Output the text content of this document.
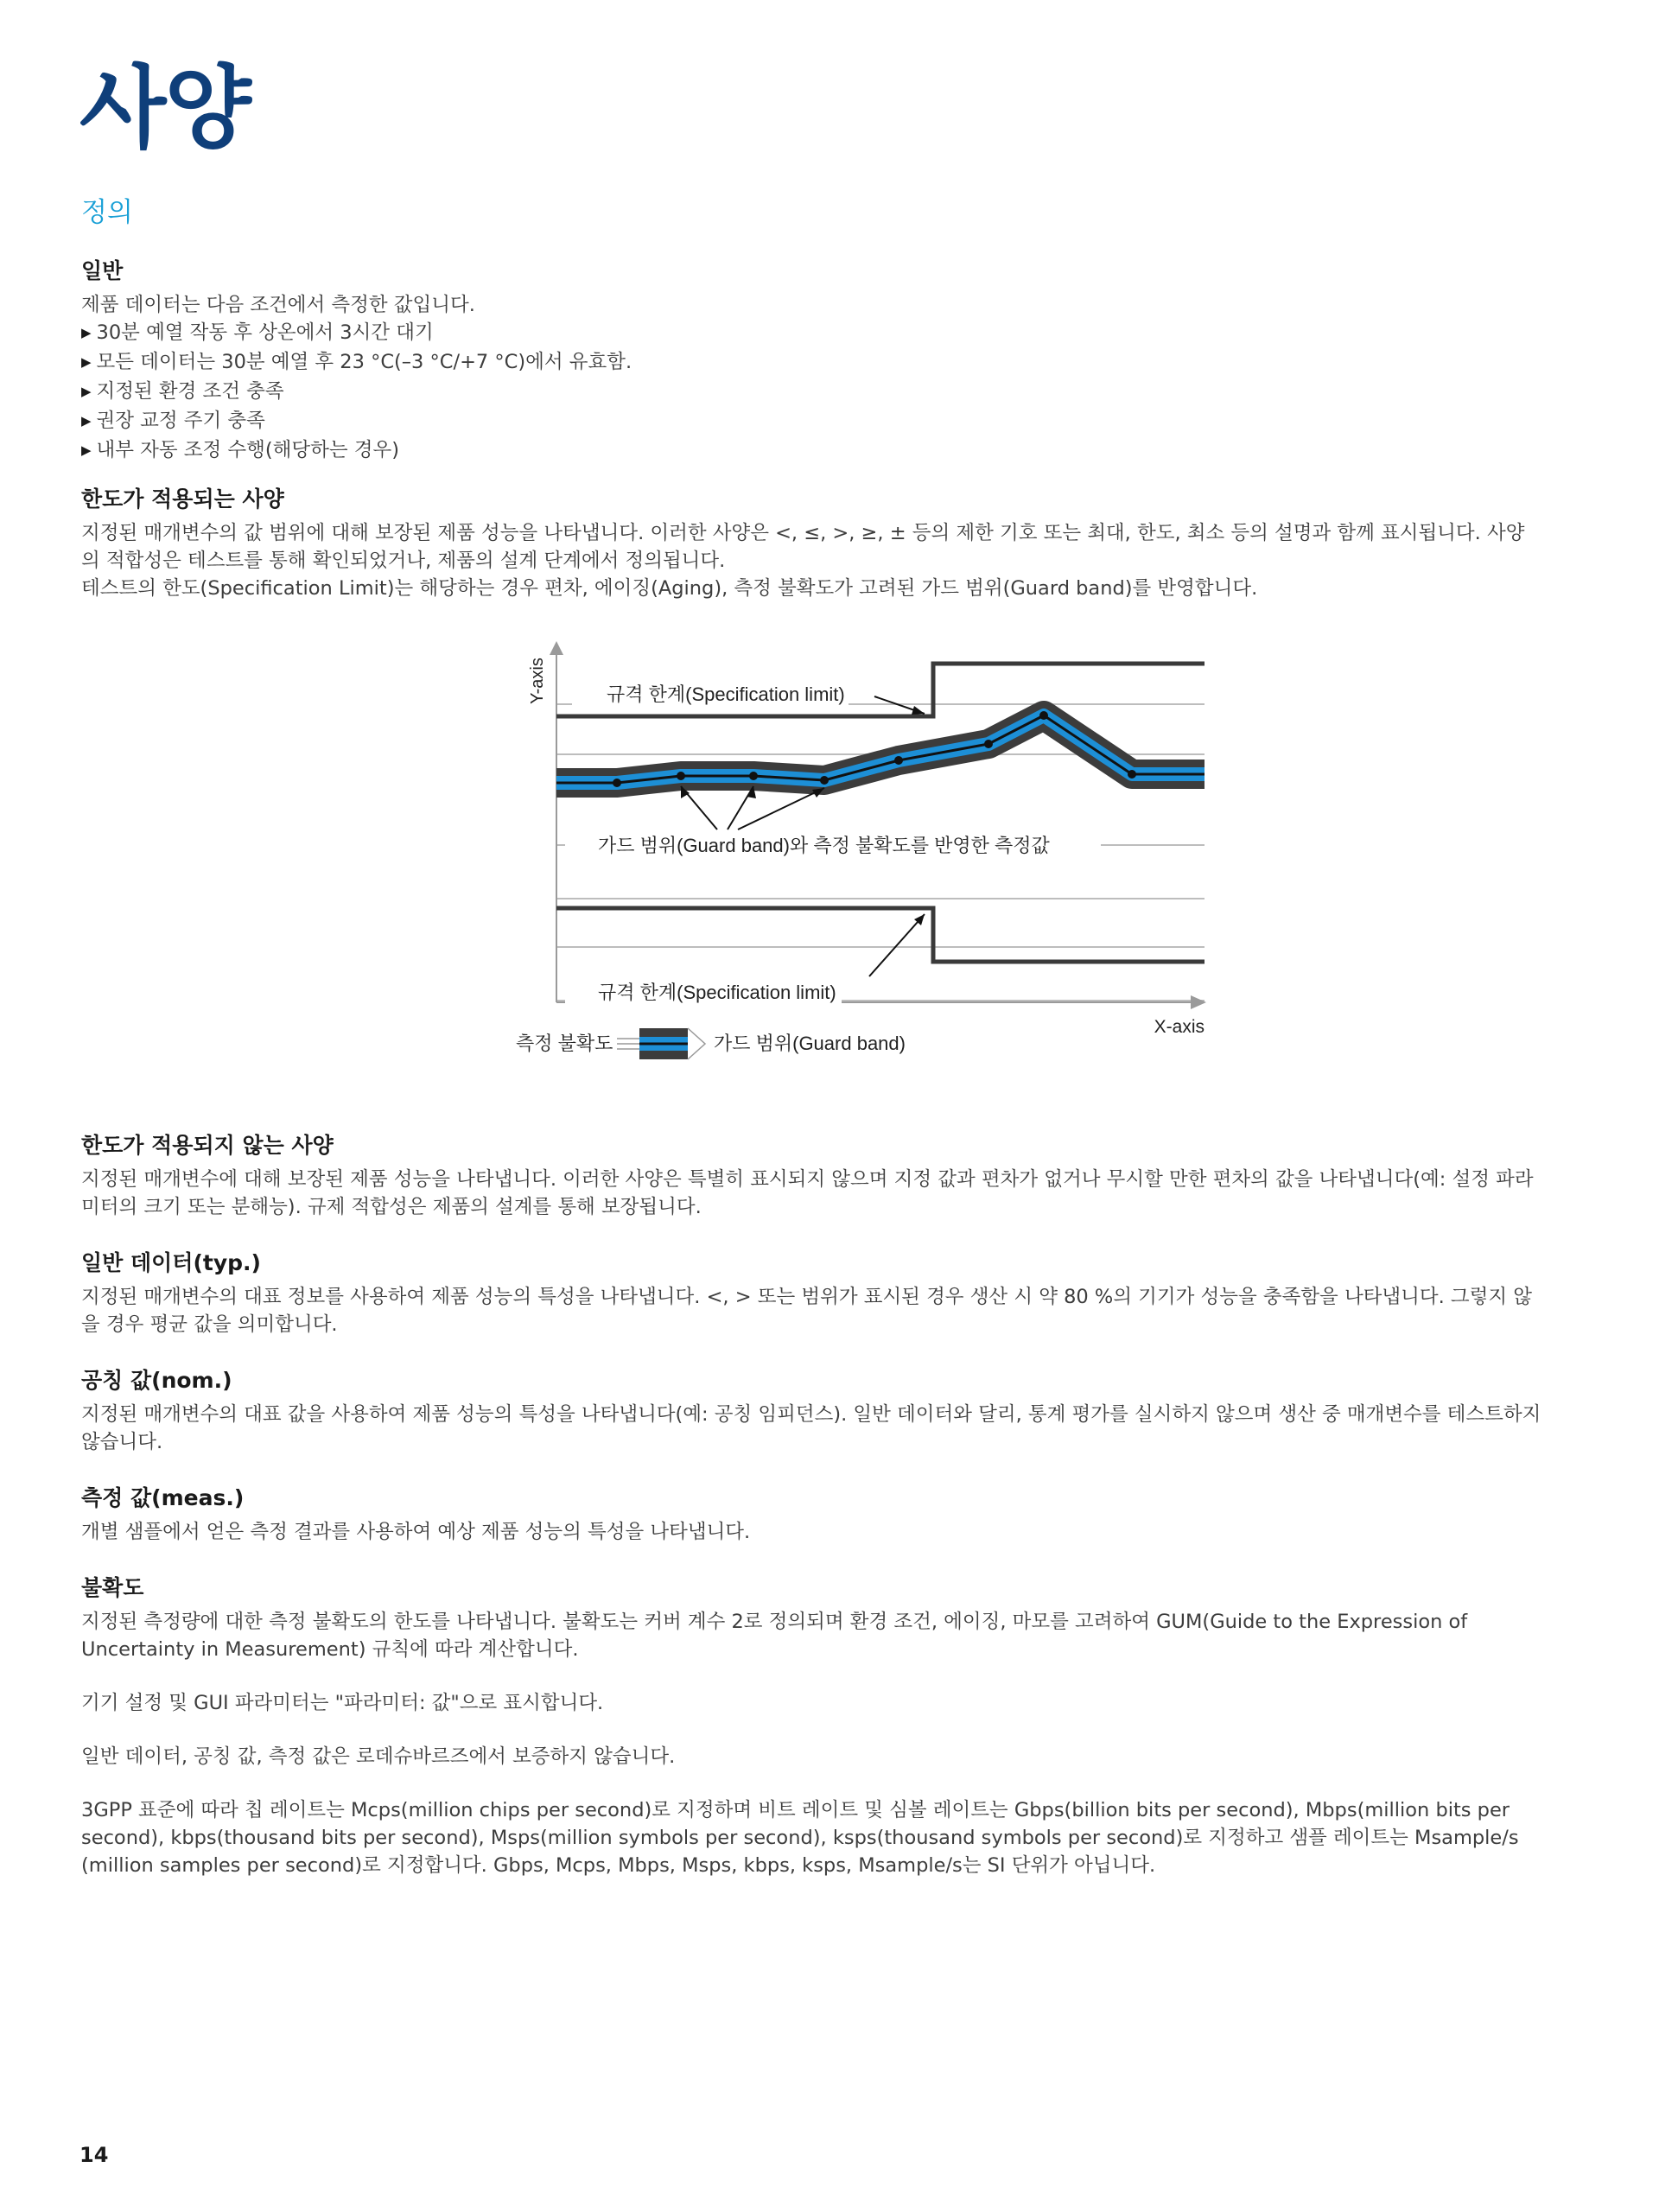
사양
정의
일반

제품 데이터는 다음 조건에서 측정한 값입니다.

▶ 30분 예열 작동 후 상온에서 3시간 대기
▶ 모든 데이터는 30분 예열 후 23 °C(–3 °C/+7 °C)에서 유효함.
▶ 지정된 환경 조건 충족
▶ 권장 교정 주기 충족
▶ 내부 자동 조정 수행(해당하는 경우)
한도가 적용되는 사양

지정된 매개변수의 값 범위에 대해 보장된 제품 성능을 나타냅니다. 이러한 사양은 <, ≤, >, ≥, ± 등의 제한 기호 또는 최대, 한도, 최소 등의 설명과 함께 표시됩니다. 사양의 적합성은 테스트를 통해 확인되었거나, 제품의 설계 단계에서 정의됩니다.

테스트의 한도(Specification Limit)는 해당하는 경우 편차, 에이징(Aging), 측정 불확도가 고려된 가드 범위(Guard band)를 반영합니다.

Y-axis
X-axis
규격 한계(Specification limit)
가드 범위(Guard band)와 측정 불확도를 반영한 측정값
규격 한계(Specification limit)
측정 불확도	가드 범위(Guard band)
한도가 적용되지 않는 사양

지정된 매개변수에 대해 보장된 제품 성능을 나타냅니다. 이러한 사양은 특별히 표시되지 않으며 지정 값과 편차가 없거나 무시할 만한 편차의 값을 나타냅니다(예: 설정 파라미터의 크기 또는 분해능). 규제 적합성은 제품의 설계를 통해 보장됩니다.

일반 데이터(typ.)

지정된 매개변수의 대표 정보를 사용하여 제품 성능의 특성을 나타냅니다. <, > 또는 범위가 표시된 경우 생산 시 약 80 %의 기기가 성능을 충족함을 나타냅니다. 그렇지 않을 경우 평균 값을 의미합니다.

공칭 값(nom.)

지정된 매개변수의 대표 값을 사용하여 제품 성능의 특성을 나타냅니다(예: 공칭 임피던스). 일반 데이터와 달리, 통계 평가를 실시하지 않으며 생산 중 매개변수를 테스트하지 않습니다.

측정 값(meas.)

개별 샘플에서 얻은 측정 결과를 사용하여 예상 제품 성능의 특성을 나타냅니다.

불확도

지정된 측정량에 대한 측정 불확도의 한도를 나타냅니다. 불확도는 커버 계수 2로 정의되며 환경 조건, 에이징, 마모를 고려하여 GUM(Guide to the Expression of Uncertainty in Measurement) 규칙에 따라 계산합니다.

기기 설정 및 GUI 파라미터는 "파라미터: 값"으로 표시합니다.

일반 데이터, 공칭 값, 측정 값은 로데슈바르즈에서 보증하지 않습니다.

3GPP 표준에 따라 칩 레이트는 Mcps(million chips per second)로 지정하며 비트 레이트 및 심볼 레이트는 Gbps(billion bits per second), Mbps(million bits per second), kbps(thousand bits per second), Msps(million symbols per second), ksps(thousand symbols per second)로 지정하고 샘플 레이트는 Msample/s (million samples per second)로 지정합니다. Gbps, Mcps, Mbps, Msps, kbps, ksps, Msample/s는 SI 단위가 아닙니다.

14
